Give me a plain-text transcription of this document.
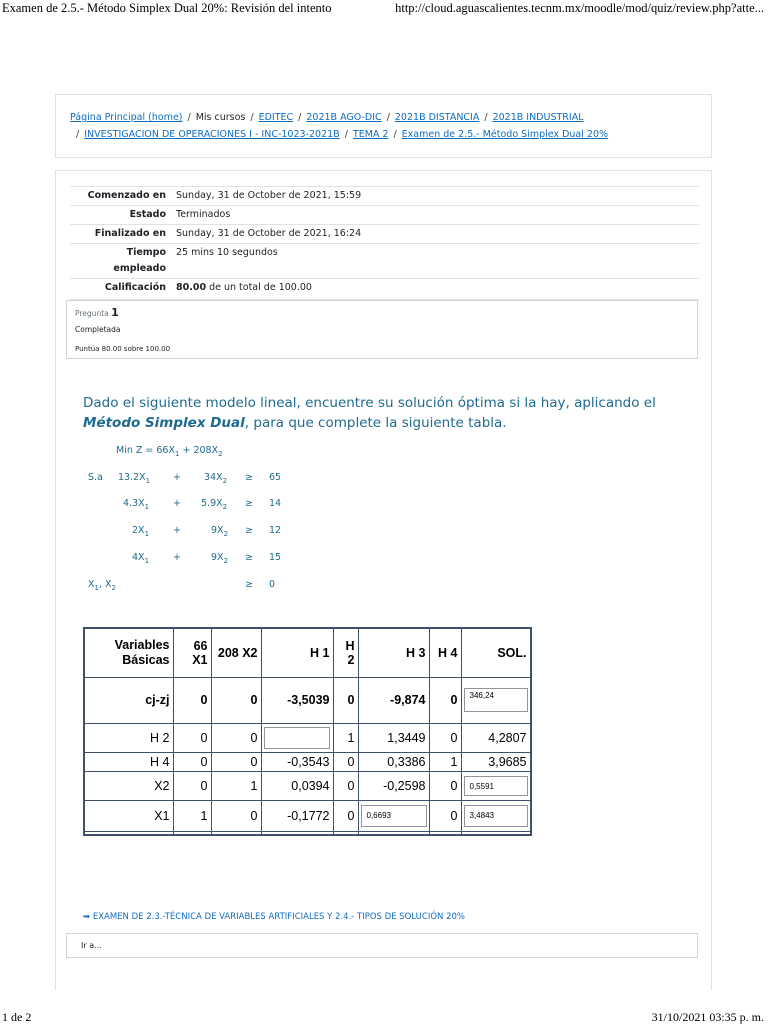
Examen de 2.5.- Método Simplex Dual 20%: Revisión del intento	http://cloud.aguascalientes.tecnm.mx/moodle/mod/quiz/review.php?atte...
Página Principal (home) / Mis cursos / EDITEC / 2021B AGO-DIC / 2021B DISTANCIA / 2021B INDUSTRIAL
/ INVESTIGACION DE OPERACIONES I - INC-1023-2021B / TEMA 2 / Examen de 2.5.- Método Simplex Dual 20%
Comenzado en Sunday, 31 de October de 2021, 15:59
Estado Terminados
Finalizado en Sunday, 31 de October de 2021, 16:24
Tiempo
empleado
25 mins 10 segundos
Calificación 80.00 de un total de 100.00
Pregunta 1
Completada
Puntúa 80.00 sobre 100.00
Dado el siguiente modelo lineal, encuentre su solución óptima si la hay, aplicando el Método Simplex Dual, para que complete la siguiente tabla.
Min $Z = 66X_1 + 208X_2$
S.a $13.2X_1 + 34X_2 \ge 65$
$4.3X_1$	+ $5.9X_2 \ge 14$
$2X_1$	+	$9X_2 \ge 12$
$4X_1$	+	$9X_2 \ge 15$
$X_1$, $X_2$	≥ 0
Variables Básicas	66 X1	208 X2	H 1	H 2	H 3	H 4	SOL.
cj-zj	0	0	-3,5039	0	-9,874	0	346,24
H 2	0	0		1	1,3449	0	4,2807
H 4	0	0	-0,3543	0	0,3386	1	3,9685
X2	0	1	0,0394	0	-0,2598	0	0,5591
X1	1	0	-0,1772	0	0,6693	0	3,4843

➡ EXAMEN DE 2.3.-TÉCNICA DE VARIABLES ARTIFICIALES Y 2.4.- TIPOS DE SOLUCIÓN 20%
Ir a...
1 de 2	31/10/2021 03:35 p. m.
